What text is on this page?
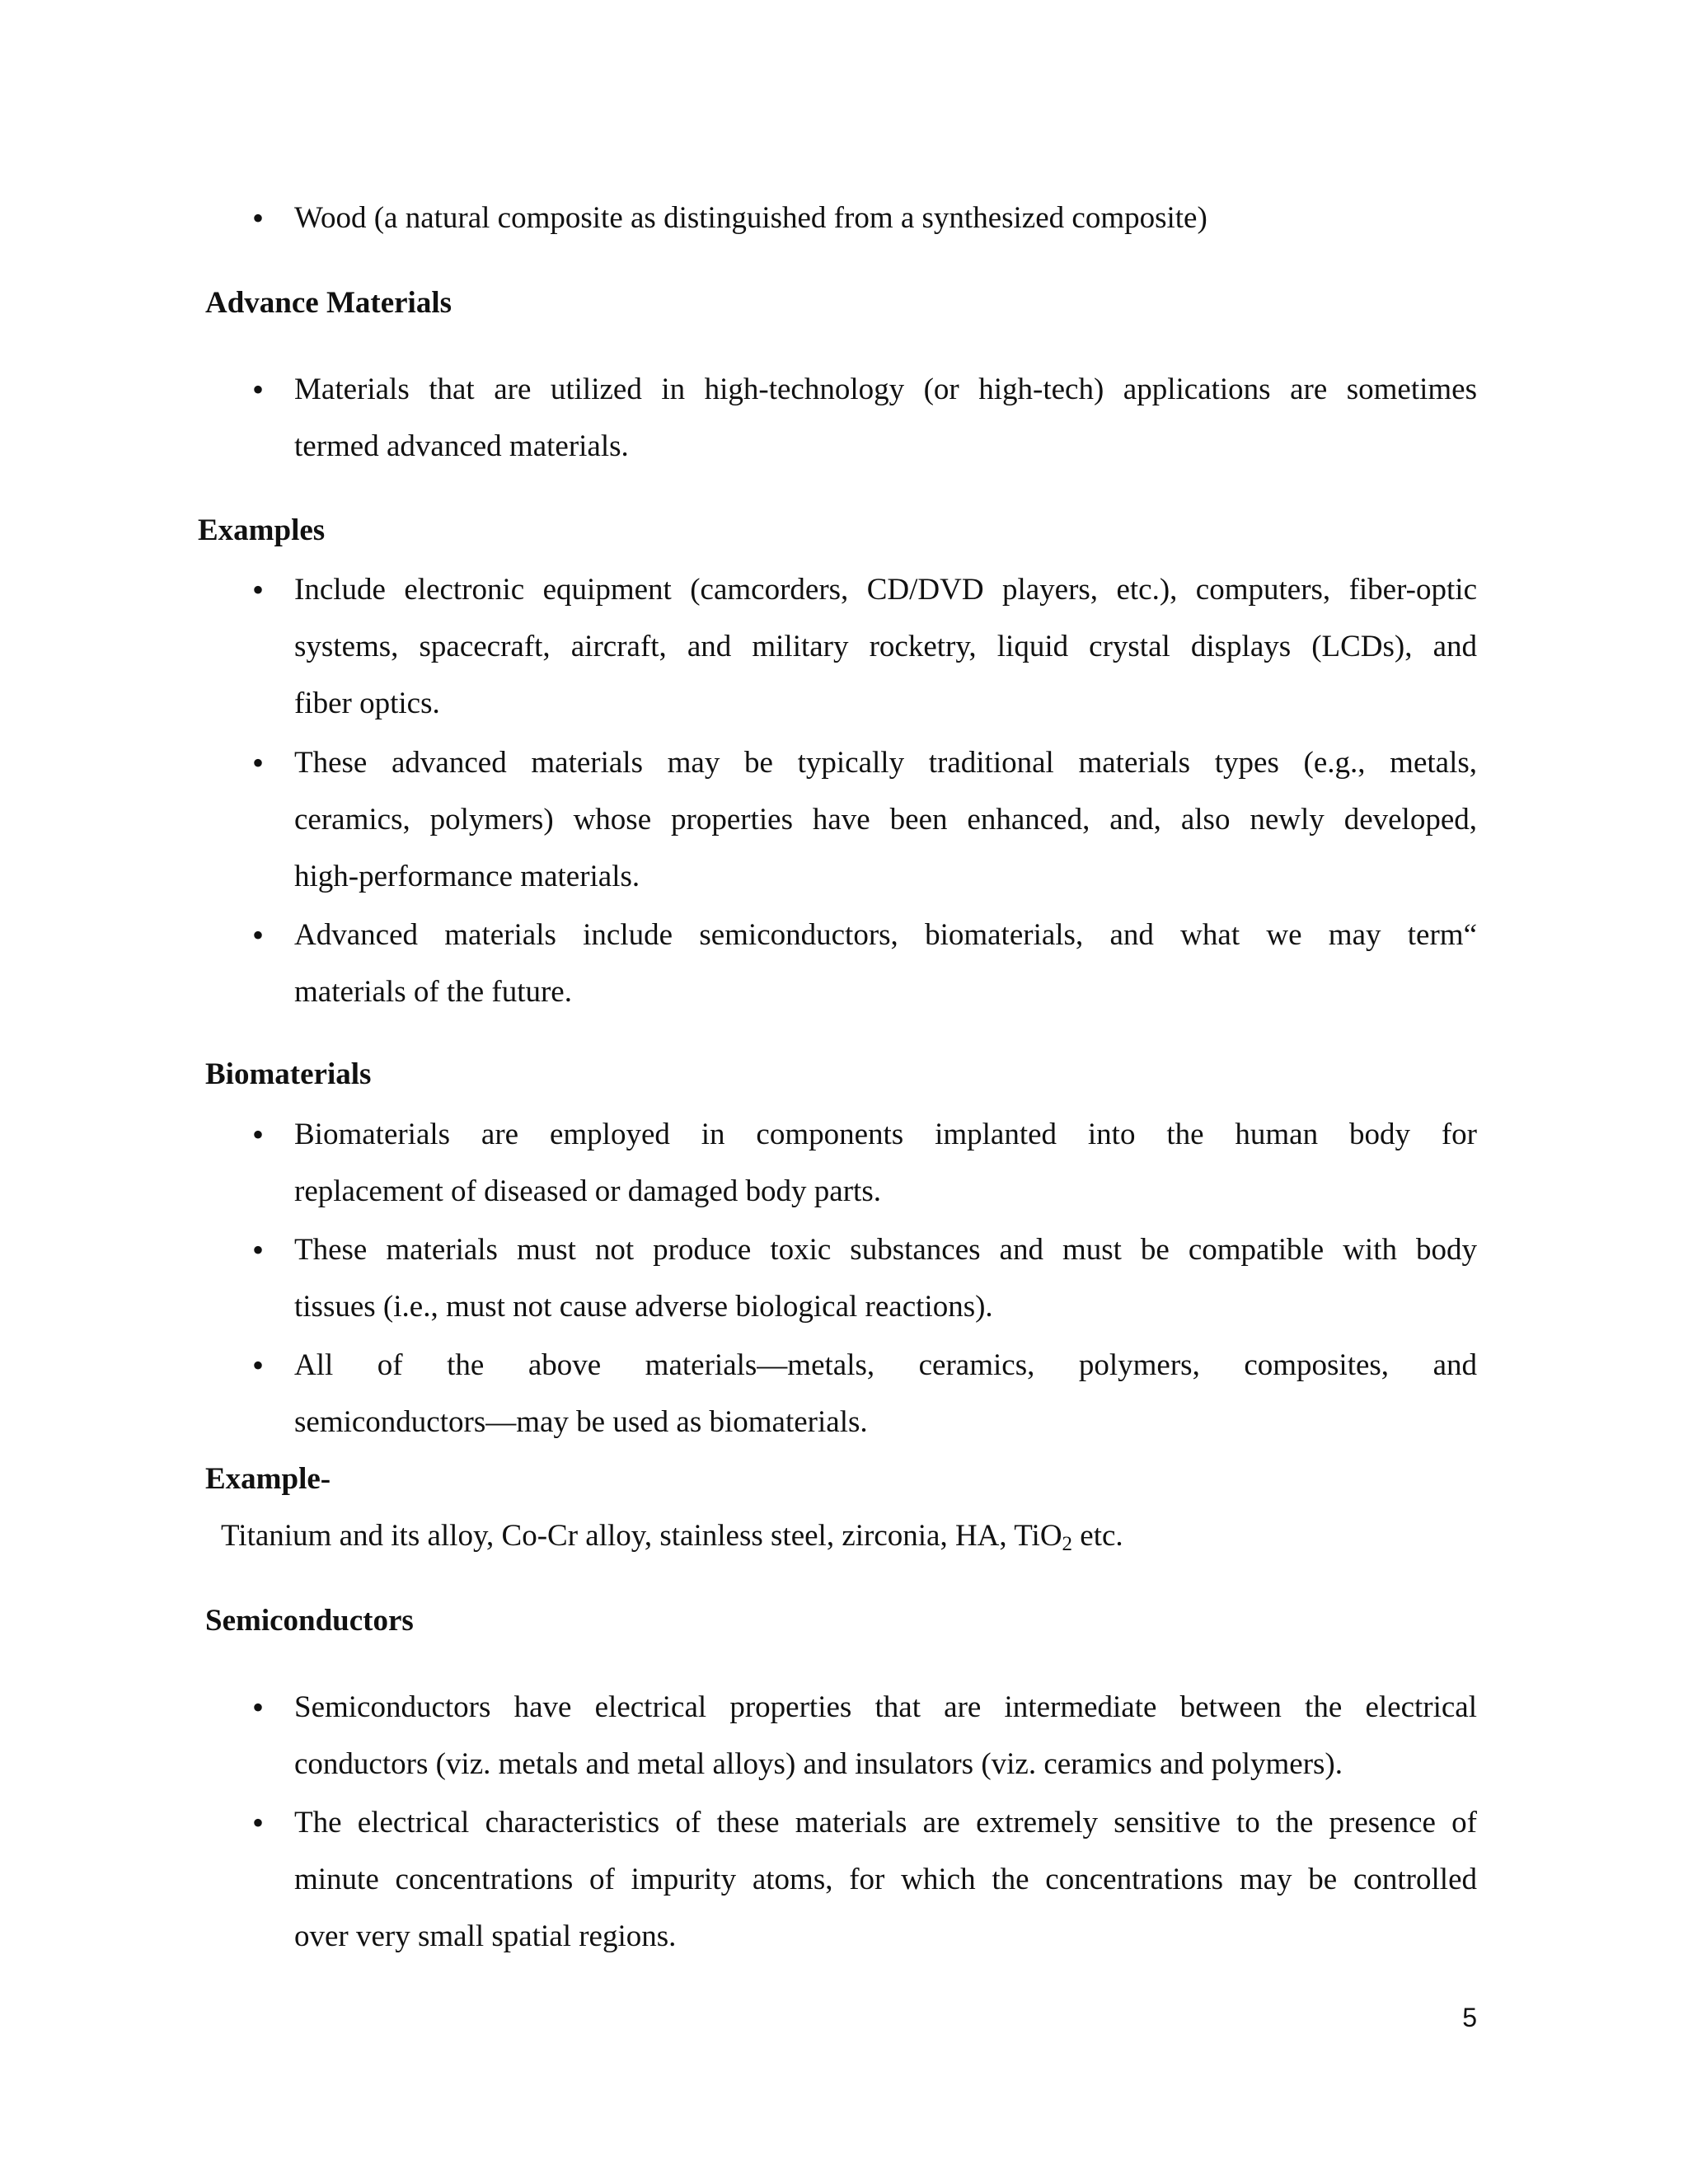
• Wood (a natural composite as distinguished from a synthesized composite)
Advance Materials
• Materials that are utilized in high-technology (or high-tech) applications are sometimes
termed advanced materials.
Examples
• Include electronic equipment (camcorders, CD/DVD players, etc.), computers, fiber-optic
systems, spacecraft, aircraft, and military rocketry, liquid crystal displays (LCDs), and
fiber optics.
• These advanced materials may be typically traditional materials types (e.g., metals,
ceramics, polymers) whose properties have been enhanced, and, also newly developed,
high-performance materials.
• Advanced materials include semiconductors, biomaterials, and what we may term“
materials of the future.
Biomaterials
• Biomaterials are employed in components implanted into the human body for
replacement of diseased or damaged body parts.
• These materials must not produce toxic substances and must be compatible with body
tissues (i.e., must not cause adverse biological reactions).
• All of the above materials—metals, ceramics, polymers, composites, and
semiconductors—may be used as biomaterials.
Example-
Titanium and its alloy, Co-Cr alloy, stainless steel, zirconia, HA, TiO$_2$ etc.
Semiconductors
• Semiconductors have electrical properties that are intermediate between the electrical
conductors (viz. metals and metal alloys) and insulators (viz. ceramics and polymers).
• The electrical characteristics of these materials are extremely sensitive to the presence of
minute concentrations of impurity atoms, for which the concentrations may be controlled
over very small spatial regions.
5
